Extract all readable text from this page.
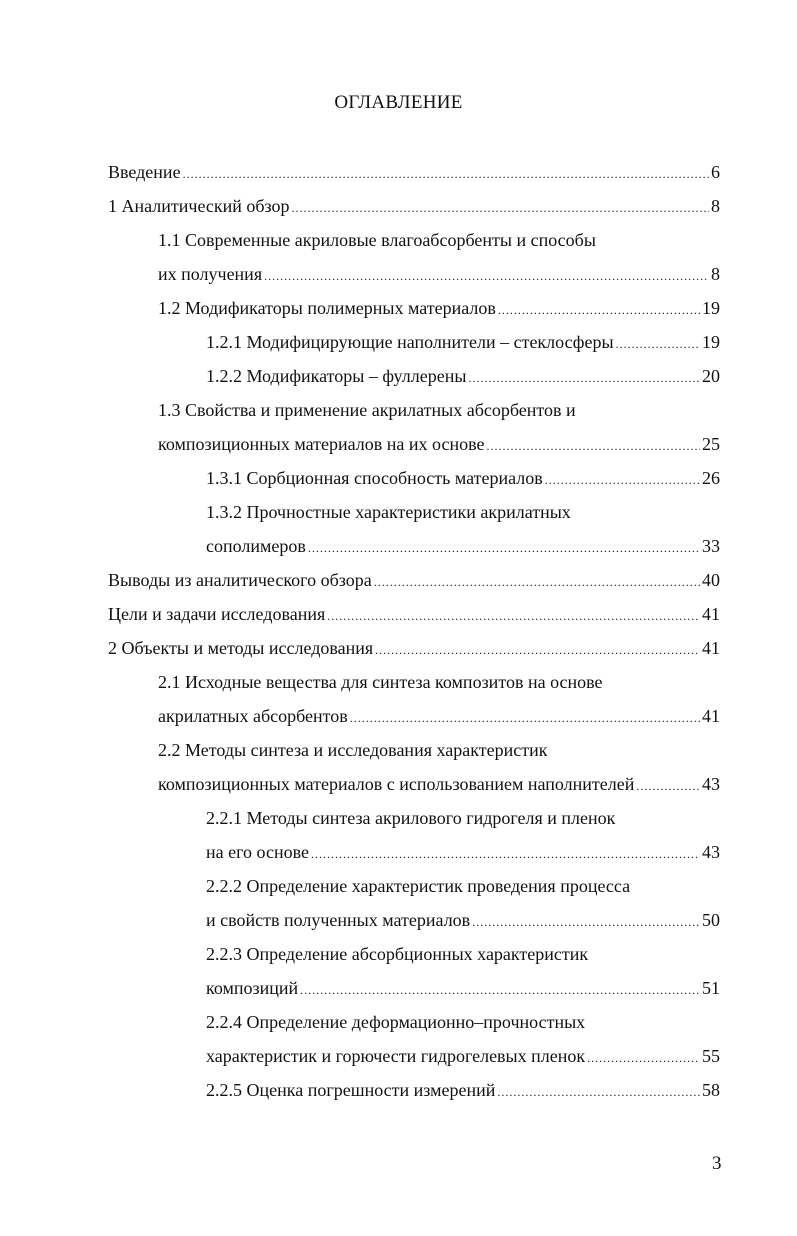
ОГЛАВЛЕНИЕ
Введение .....	6
1 Аналитический обзор .....	8
1.1 Современные акриловые влагоабсорбенты и способы
их получения .....	8
1.2 Модификаторы полимерных материалов .....	19
1.2.1 Модифицирующие наполнители – стеклосферы .....	19
1.2.2 Модификаторы – фуллерены .....	20
1.3 Свойства и применение акрилатных абсорбентов и
композиционных материалов на их основе .....	25
1.3.1 Сорбционная способность материалов .....	26
1.3.2 Прочностные характеристики акрилатных
сополимеров .....	33
Выводы из аналитического обзора .....	40
Цели и задачи исследования .....	41
2 Объекты и методы исследования .....	41
2.1 Исходные вещества для синтеза композитов на основе
акрилатных абсорбентов .....	41
2.2 Методы синтеза и исследования характеристик
композиционных материалов с использованием наполнителей .....	43
2.2.1 Методы синтеза акрилового гидрогеля и пленок
на его основе .....	43
2.2.2 Определение характеристик проведения процесса
и свойств полученных материалов .....	50
2.2.3 Определение абсорбционных характеристик
композиций .....	51
2.2.4 Определение деформационно–прочностных
характеристик и горючести гидрогелевых пленок .....	55
2.2.5 Оценка погрешности измерений .....	58
3
